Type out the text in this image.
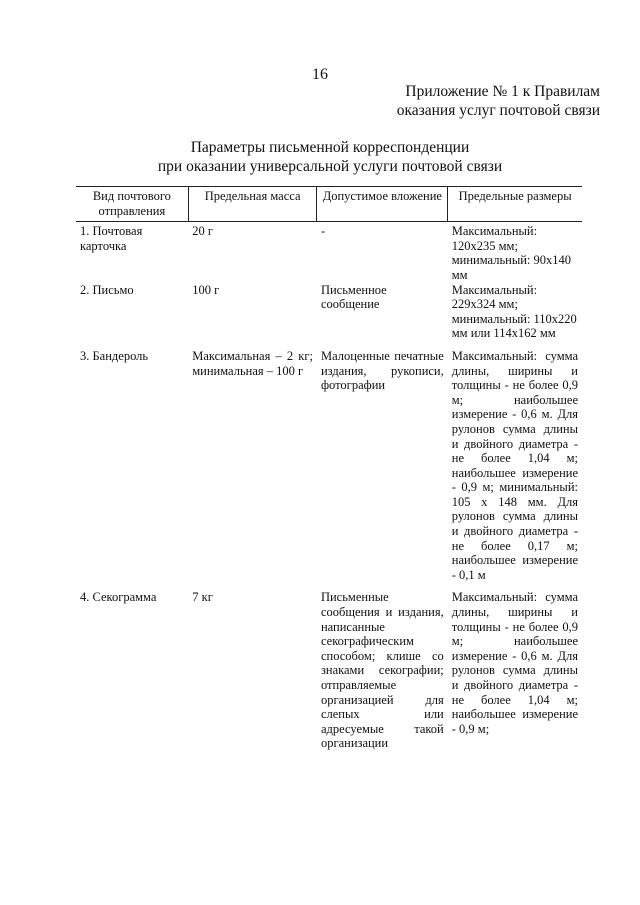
16
Приложение № 1 к Правилам
оказания услуг почтовой связи
Параметры письменной корреспонденции
при оказании универсальной услуги почтовой связи
Вид почтового отправления	Предельная масса	Допустимое вложение	Предельные размеры
1. Почтовая карточка	20 г	-	Максимальный: 120x235 мм; минимальный: 90x140 мм
2. Письмо	100 г	Письменное сообщение	Максимальный: 229x324 мм; минимальный: 110x220 мм или 114x162 мм
3. Бандероль	Максимальная – 2 кг; минимальная – 100 г	Малоценные печатные издания, рукописи, фотографии	Максимальный: сумма длины, ширины и толщины - не более 0,9 м; наибольшее измерение - 0,6 м. Для рулонов сумма длины и двойного диаметра - не более 1,04 м; наибольшее измерение - 0,9 м; минимальный: 105 x 148 мм. Для рулонов сумма длины и двойного диаметра - не более 0,17 м; наибольшее измерение - 0,1 м
4. Секограмма	7 кг	Письменные сообщения и издания, написанные секографическим способом; клише со знаками секографии; отправляемые организацией для слепых или адресуемые такой организации	Максимальный: сумма длины, ширины и толщины - не более 0,9 м; наибольшее измерение - 0,6 м. Для рулонов сумма длины и двойного диаметра - не более 1,04 м; наибольшее измерение - 0,9 м;
